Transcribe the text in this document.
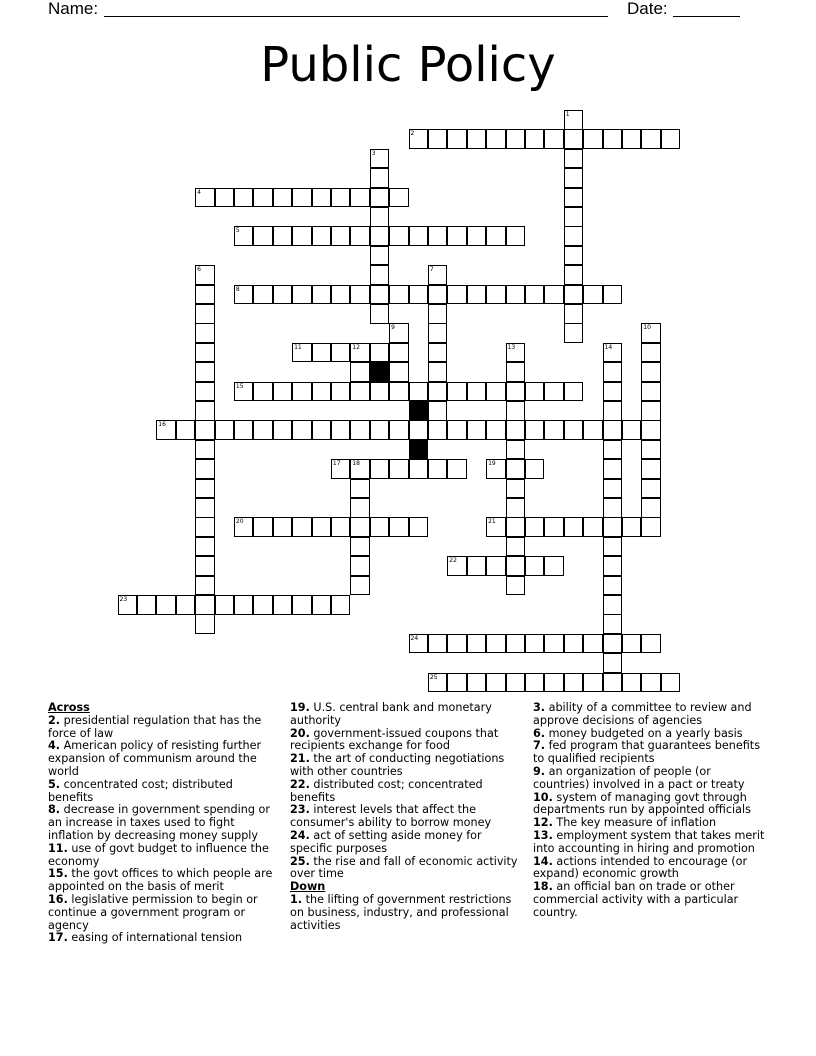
Name:	Date:
Public Policy
1
2
3
4
5
6	7
8
9	10
11	12	13	14
15
16
17 18	19
20	21
22
23
24
25

Across

2. presidential regulation that has the force of law

4. American policy of resisting further expansion of communism around the world

5. concentrated cost; distributed benefits

8. decrease in government spending or an increase in taxes used to fight inflation by decreasing money supply

11. use of govt budget to influence the economy

15. the govt offices to which people are appointed on the basis of merit

16. legislative permission to begin or continue a government program or agency

17. easing of international tension

19. U.S. central bank and monetary authority

20. government-issued coupons that recipients exchange for food

21. the art of conducting negotiations with other countries

22. distributed cost; concentrated benefits

23. interest levels that affect the consumer's ability to borrow money

24. act of setting aside money for specific purposes

25. the rise and fall of economic activity over time

Down

1. the lifting of government restrictions on business, industry, and professional activities

3. ability of a committee to review and approve decisions of agencies

6. money budgeted on a yearly basis

7. fed program that guarantees benefits to qualified recipients

9. an organization of people (or countries) involved in a pact or treaty

10. system of managing govt through departments run by appointed officials

12. The key measure of inflation

13. employment system that takes merit into accounting in hiring and promotion

14. actions intended to encourage (or expand) economic growth

18. an official ban on trade or other commercial activity with a particular country.
